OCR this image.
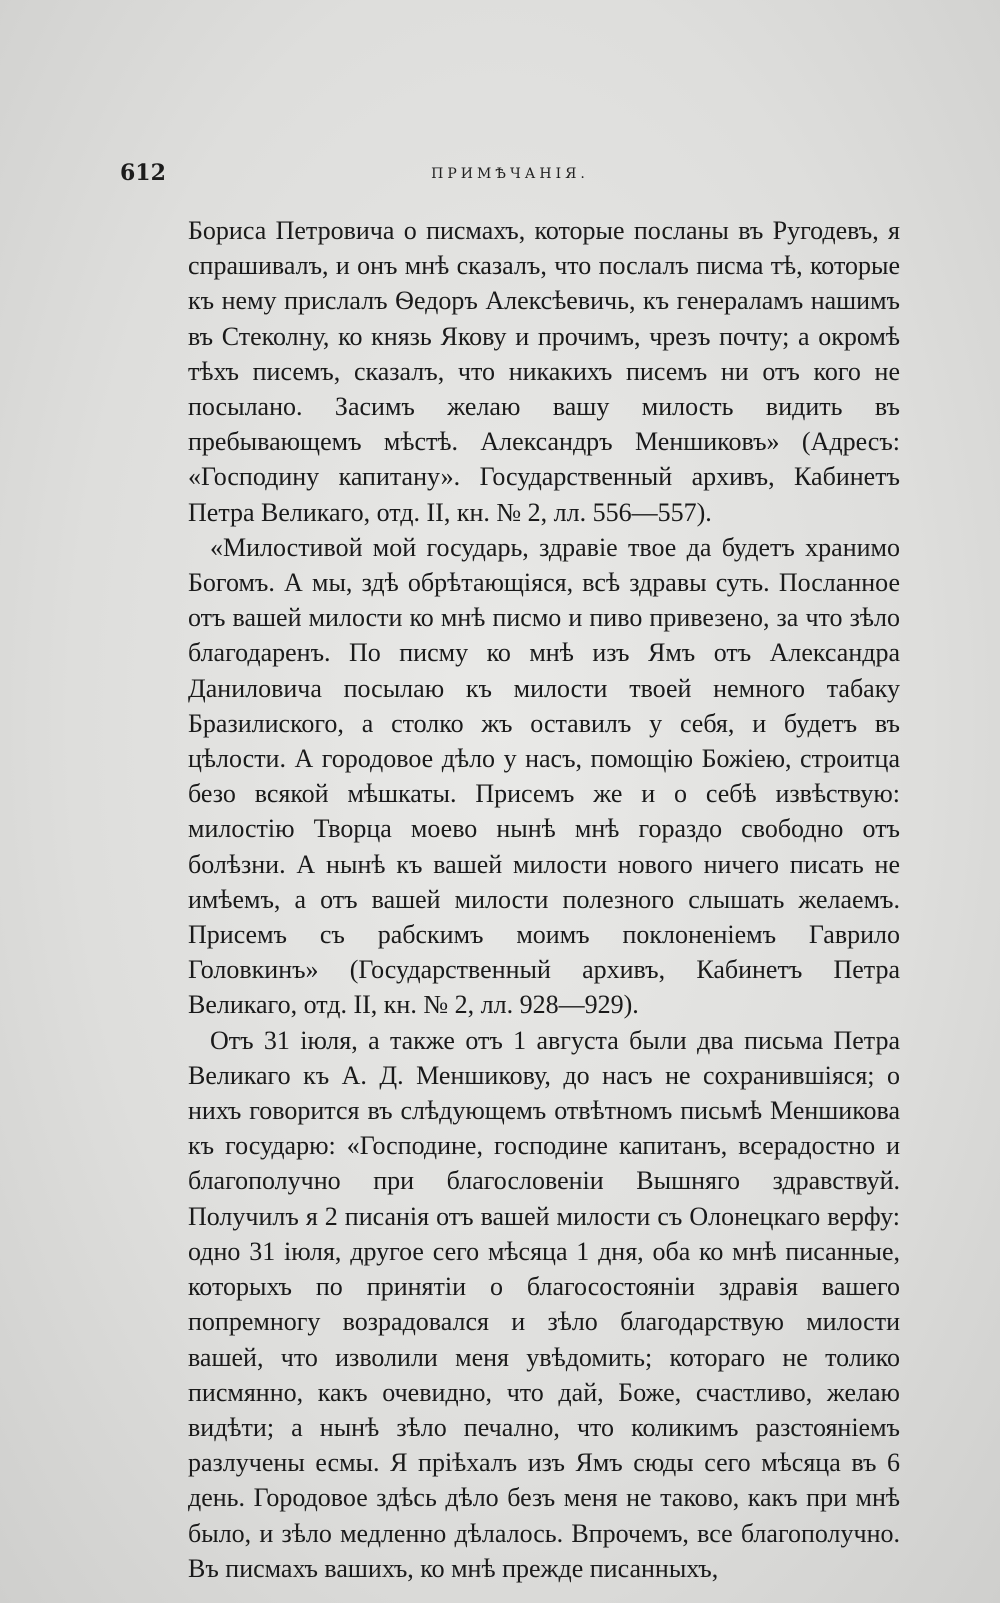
612	ПРИМѢЧАНІЯ.

Бориса Петровича о писмахъ, которые посланы въ Ругодевъ, я спрашивалъ, и онъ мнѣ сказалъ, что послалъ писма тѣ, которые къ нему прислалъ Ѳедоръ Алексѣевичь, къ генераламъ нашимъ въ Стеколну, ко князь Якову и прочимъ, чрезъ почту; а окромѣ тѣхъ писемъ, сказалъ, что никакихъ писемъ ни отъ кого не посылано. Засимъ желаю вашу милость видить въ пребывающемъ мѣстѣ. Александръ Меншиковъ» (Адресъ: «Господину капитану». Государственный архивъ, Кабинетъ Петра Великаго, отд. II, кн. № 2, лл. 556—557).

«Милостивой мой государь, здравіе твое да будетъ хранимо Богомъ. А мы, здѣ обрѣтающіяся, всѣ здравы суть. Посланное отъ вашей милости ко мнѣ писмо и пиво привезено, за что зѣло благодаренъ. По писму ко мнѣ изъ Ямъ отъ Александра Даниловича посылаю къ милости твоей немного табаку Бразилиского, а столко жъ оставилъ у себя, и будетъ въ цѣлости. А городовое дѣло у насъ, помощію Божіею, строитца безо всякой мѣшкаты. Присемъ же и о себѣ извѣствую: милостію Творца моево нынѣ мнѣ гораздо свободно отъ болѣзни. А нынѣ къ вашей милости нового ничего писать не имѣемъ, а отъ вашей милости полезного слышать желаемъ. Присемъ съ рабскимъ моимъ поклоненіемъ Гаврило Головкинъ» (Государственный архивъ, Кабинетъ Петра Великаго, отд. II, кн. № 2, лл. 928—929).

Отъ 31 іюля, а также отъ 1 августа были два письма Петра Великаго къ А. Д. Меншикову, до насъ не сохранившіяся; о нихъ говорится въ слѣдующемъ отвѣтномъ письмѣ Меншикова къ государю: «Господине, господине капитанъ, всерадостно и благополучно при благословеніи Вышняго здравствуй. Получилъ я 2 писанія отъ вашей милости съ Олонецкаго верфу: одно 31 іюля, другое сего мѣсяца 1 дня, оба ко мнѣ писанные, которыхъ по принятіи о благосостояніи здравія вашего попремногу возрадовался и зѣло благодарствую милости вашей, что изволили меня увѣдомить; котораго не толико писмянно, какъ очевидно, что дай, Боже, счастливо, желаю видѣти; а нынѣ зѣло печално, что коликимъ разстояніемъ разлучены есмы. Я пріѣхалъ изъ Ямъ сюды сего мѣсяца въ 6 день. Городовое здѣсь дѣло безъ меня не таково, какъ при мнѣ было, и зѣло медленно дѣлалось. Впрочемъ, все благополучно. Въ писмахъ вашихъ, ко мнѣ прежде писанныхъ,
